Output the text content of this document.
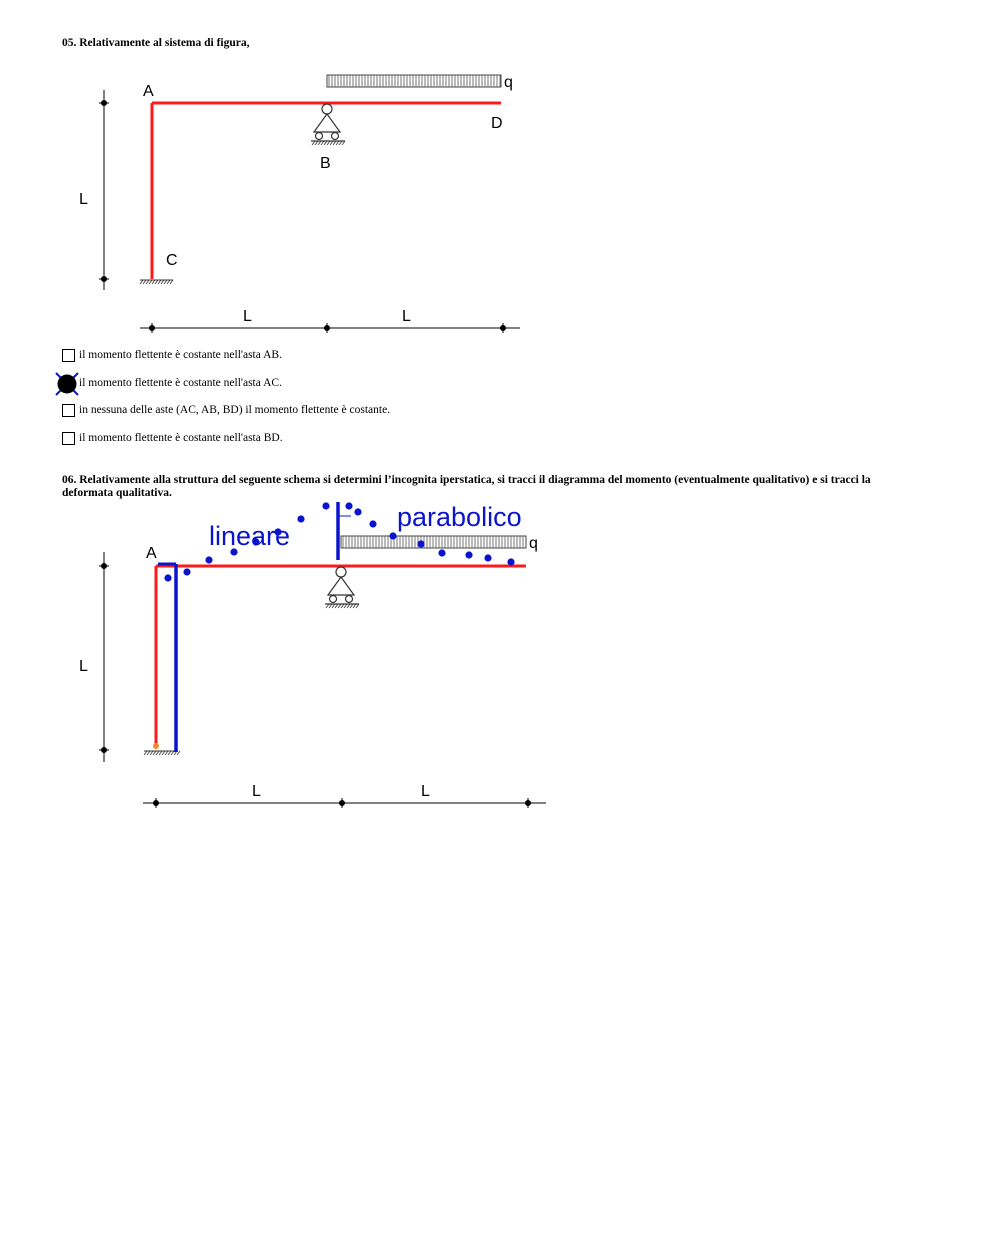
05. Relativamente al sistema di figura,
q
A
B
C
D
L
L	L
il momento flettente è costante nell'asta AB.
il momento flettente è costante nell'asta AC.
in nessuna delle aste (AC, AB, BD) il momento flettente è costante.
il momento flettente è costante nell'asta BD.
06. Relativamente alla struttura del seguente schema si determini l’incognita iperstatica, si tracci il diagramma del momento (eventualmente qualitativo) e si tracci la deformata qualitativa.
q
lineare
parabolico
A
L
L	L
